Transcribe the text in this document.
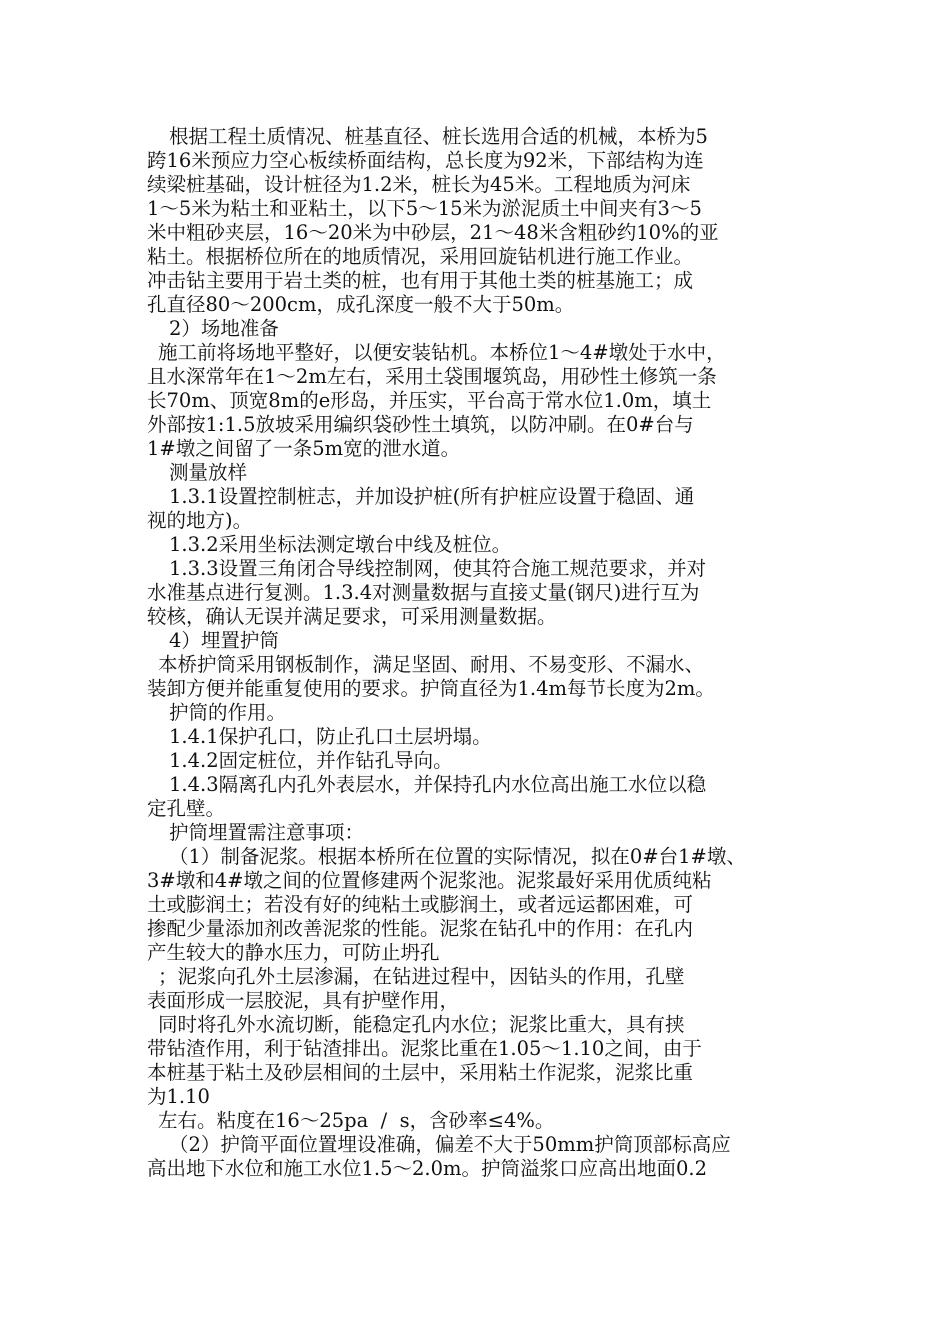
根据工程土质情况、桩基直径、桩长选用合适的机械，本桥为5
跨16米预应力空心板续桥面结构，总长度为92米，下部结构为连
续梁桩基础，设计桩径为1.2米，桩长为45米。工程地质为河床
1～5米为粘土和亚粘土，以下5～15米为淤泥质土中间夹有3～5
米中粗砂夹层，16～20米为中砂层，21～48米含粗砂约10%的亚
粘土。根据桥位所在的地质情况，采用回旋钻机进行施工作业。
冲击钻主要用于岩土类的桩，也有用于其他土类的桩基施工；成
孔直径80～200cm，成孔深度一般不大于50m。
2）场地准备
施工前将场地平整好，以便安装钻机。本桥位1～4#墩处于水中，
且水深常年在1～2m左右，采用土袋围堰筑岛，用砂性土修筑一条
长70m、顶宽8m的e形岛，并压实，平台高于常水位1.0m，填土
外部按1:1.5放坡采用编织袋砂性土填筑，以防冲刷。在0#台与
1#墩之间留了一条5m宽的泄水道。
测量放样
1.3.1设置控制桩志，并加设护桩(所有护桩应设置于稳固、通
视的地方)。
1.3.2采用坐标法测定墩台中线及桩位。
1.3.3设置三角闭合导线控制网，使其符合施工规范要求，并对
水准基点进行复测。1.3.4对测量数据与直接丈量(钢尺)进行互为
较核，确认无误并满足要求，可采用测量数据。
4）埋置护筒
本桥护筒采用钢板制作，满足坚固、耐用、不易变形、不漏水、
装卸方便并能重复使用的要求。护筒直径为1.4m每节长度为2m。
护筒的作用。
1.4.1保护孔口，防止孔口土层坍塌。
1.4.2固定桩位，并作钻孔导向。
1.4.3隔离孔内孔外表层水，并保持孔内水位高出施工水位以稳
定孔壁。
护筒埋置需注意事项：
（1）制备泥浆。根据本桥所在位置的实际情况，拟在0#台1#墩、
3#墩和4#墩之间的位置修建两个泥浆池。泥浆最好采用优质纯粘
土或膨润土；若没有好的纯粘土或膨润土，或者远运都困难，可
掺配少量添加剂改善泥浆的性能。泥浆在钻孔中的作用：在孔内
产生较大的静水压力，可防止坍孔
；泥浆向孔外土层渗漏，在钻进过程中，因钻头的作用，孔壁
表面形成一层胶泥，具有护壁作用，
同时将孔外水流切断，能稳定孔内水位；泥浆比重大，具有挟
带钻渣作用，利于钻渣排出。泥浆比重在1.05～1.10之间，由于
本桩基于粘土及砂层相间的土层中，采用粘土作泥浆，泥浆比重
为1.10
左右。粘度在16～25pa  /  s，含砂率≤4%。
（2）护筒平面位置埋设准确，偏差不大于50mm护筒顶部标高应
高出地下水位和施工水位1.5～2.0m。护筒溢浆口应高出地面0.2
